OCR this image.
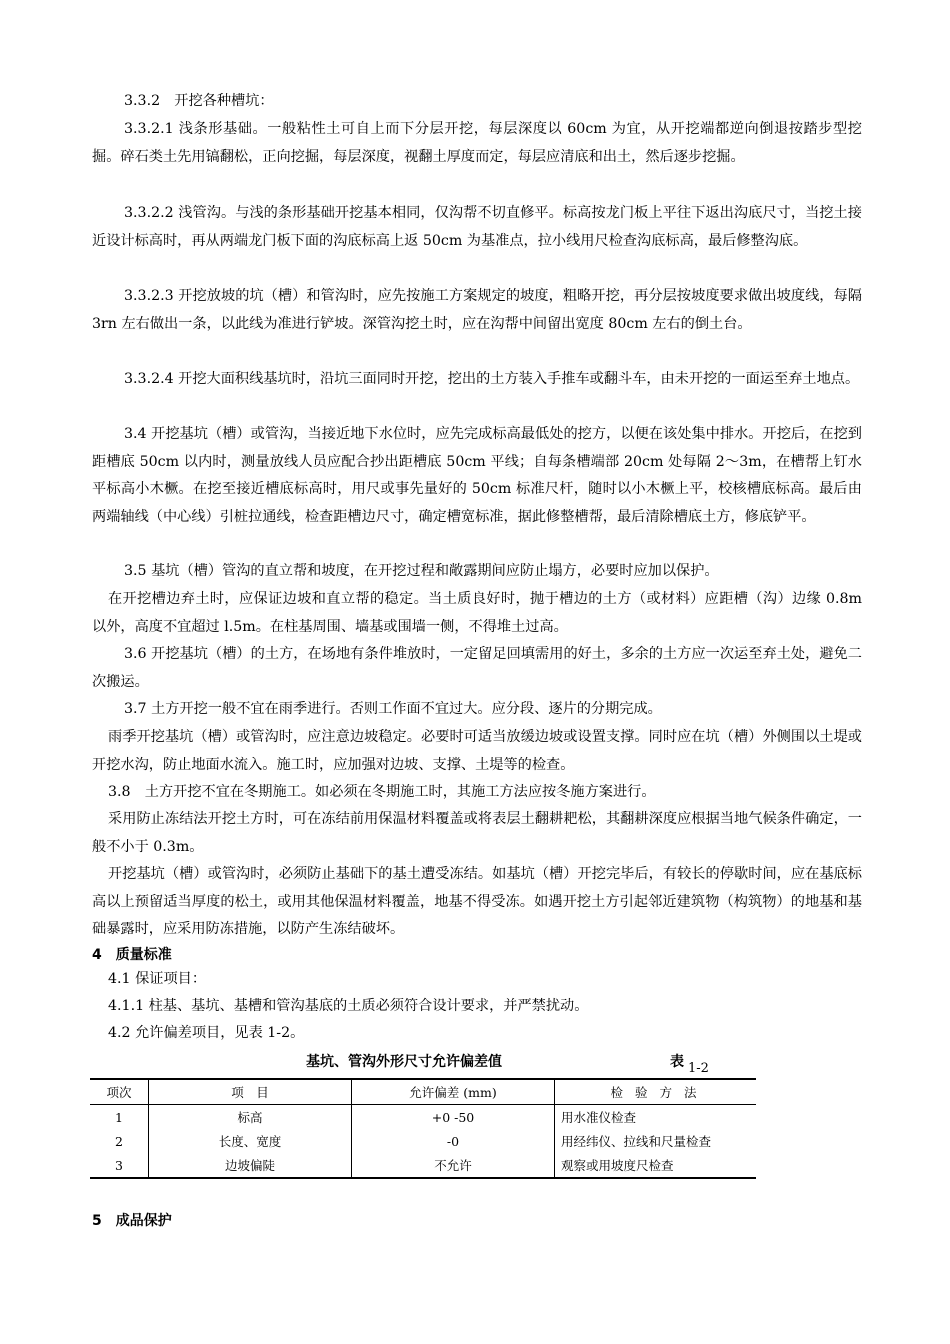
3.3.2　开挖各种槽坑：

3.3.2.1 浅条形基础。一般粘性土可自上而下分层开挖，每层深度以 60cm 为宜，从开挖端都逆向倒退按踏步型挖掘。碎石类土先用镐翻松，正向挖掘，每层深度，视翻土厚度而定，每层应清底和出土，然后逐步挖掘。

3.3.2.2 浅管沟。与浅的条形基础开挖基本相同，仅沟帮不切直修平。标高按龙门板上平往下返出沟底尺寸，当挖土接近设计标高时，再从两端龙门板下面的沟底标高上返 50cm 为基准点，拉小线用尺检查沟底标高，最后修整沟底。

3.3.2.3 开挖放坡的坑（槽）和管沟时，应先按施工方案规定的坡度，粗略开挖，再分层按坡度要求做出坡度线，每隔 3rn 左右做出一条，以此线为准进行铲坡。深管沟挖土时，应在沟帮中间留出宽度 80cm 左右的倒土台。

3.3.2.4 开挖大面积线基坑时，沿坑三面同时开挖，挖出的土方装入手推车或翻斗车，由未开挖的一面运至弃土地点。

3.4 开挖基坑（槽）或管沟，当接近地下水位时，应先完成标高最低处的挖方，以便在该处集中排水。开挖后，在挖到距槽底 50cm 以内时，测量放线人员应配合抄出距槽底 50cm 平线；自每条槽端部 20cm 处每隔 2～3m，在槽帮上钉水平标高小木橛。在挖至接近槽底标高时，用尺或事先量好的 50cm 标准尺杆，随时以小木橛上平，校核槽底标高。最后由两端轴线（中心线）引桩拉通线，检查距槽边尺寸，确定槽宽标准，据此修整槽帮，最后清除槽底土方，修底铲平。

3.5 基坑（槽）管沟的直立帮和坡度，在开挖过程和敞露期间应防止塌方，必要时应加以保护。

在开挖槽边弃土时，应保证边坡和直立帮的稳定。当土质良好时，抛于槽边的土方（或材料）应距槽（沟）边缘 0.8m 以外，高度不宜超过 l.5m。在柱基周围、墙基或围墙一侧，不得堆土过高。

3.6 开挖基坑（槽）的土方，在场地有条件堆放时，一定留足回填需用的好土，多余的土方应一次运至弃土处，避免二次搬运。

3.7 土方开挖一般不宜在雨季进行。否则工作面不宜过大。应分段、逐片的分期完成。

雨季开挖基坑（槽）或管沟时，应注意边坡稳定。必要时可适当放缓边坡或设置支撑。同时应在坑（槽）外侧围以土堤或开挖水沟，防止地面水流入。施工时，应加强对边坡、支撑、土堤等的检查。

3.8　土方开挖不宜在冬期施工。如必须在冬期施工时，其施工方法应按冬施方案进行。

采用防止冻结法开挖土方时，可在冻结前用保温材料覆盖或将表层土翻耕耙松，其翻耕深度应根据当地气候条件确定，一般不小于 0.3m。

开挖基坑（槽）或管沟时，必须防止基础下的基土遭受冻结。如基坑（槽）开挖完毕后，有较长的停歇时间，应在基底标高以上预留适当厚度的松土，或用其他保温材料覆盖，地基不得受冻。如遇开挖土方引起邻近建筑物（构筑物）的地基和基础暴露时，应采用防冻措施，以防产生冻结破坏。

4　质量标准

4.1 保证项目：

4.1.1 柱基、基坑、基槽和管沟基底的土质必须符合设计要求，并严禁扰动。

4.2 允许偏差项目，见表 1-2。

基坑、管沟外形尺寸允许偏差值	表 1-2
项次	项　目	允许偏差 (mm)	检 验 方 法
1	标高	+0 -50	用水准仪检查
2	长度、宽度	-0	用经纬仪、拉线和尺量检查
3	边坡偏陡	不允许	观察或用坡度尺检查

5　成品保护
